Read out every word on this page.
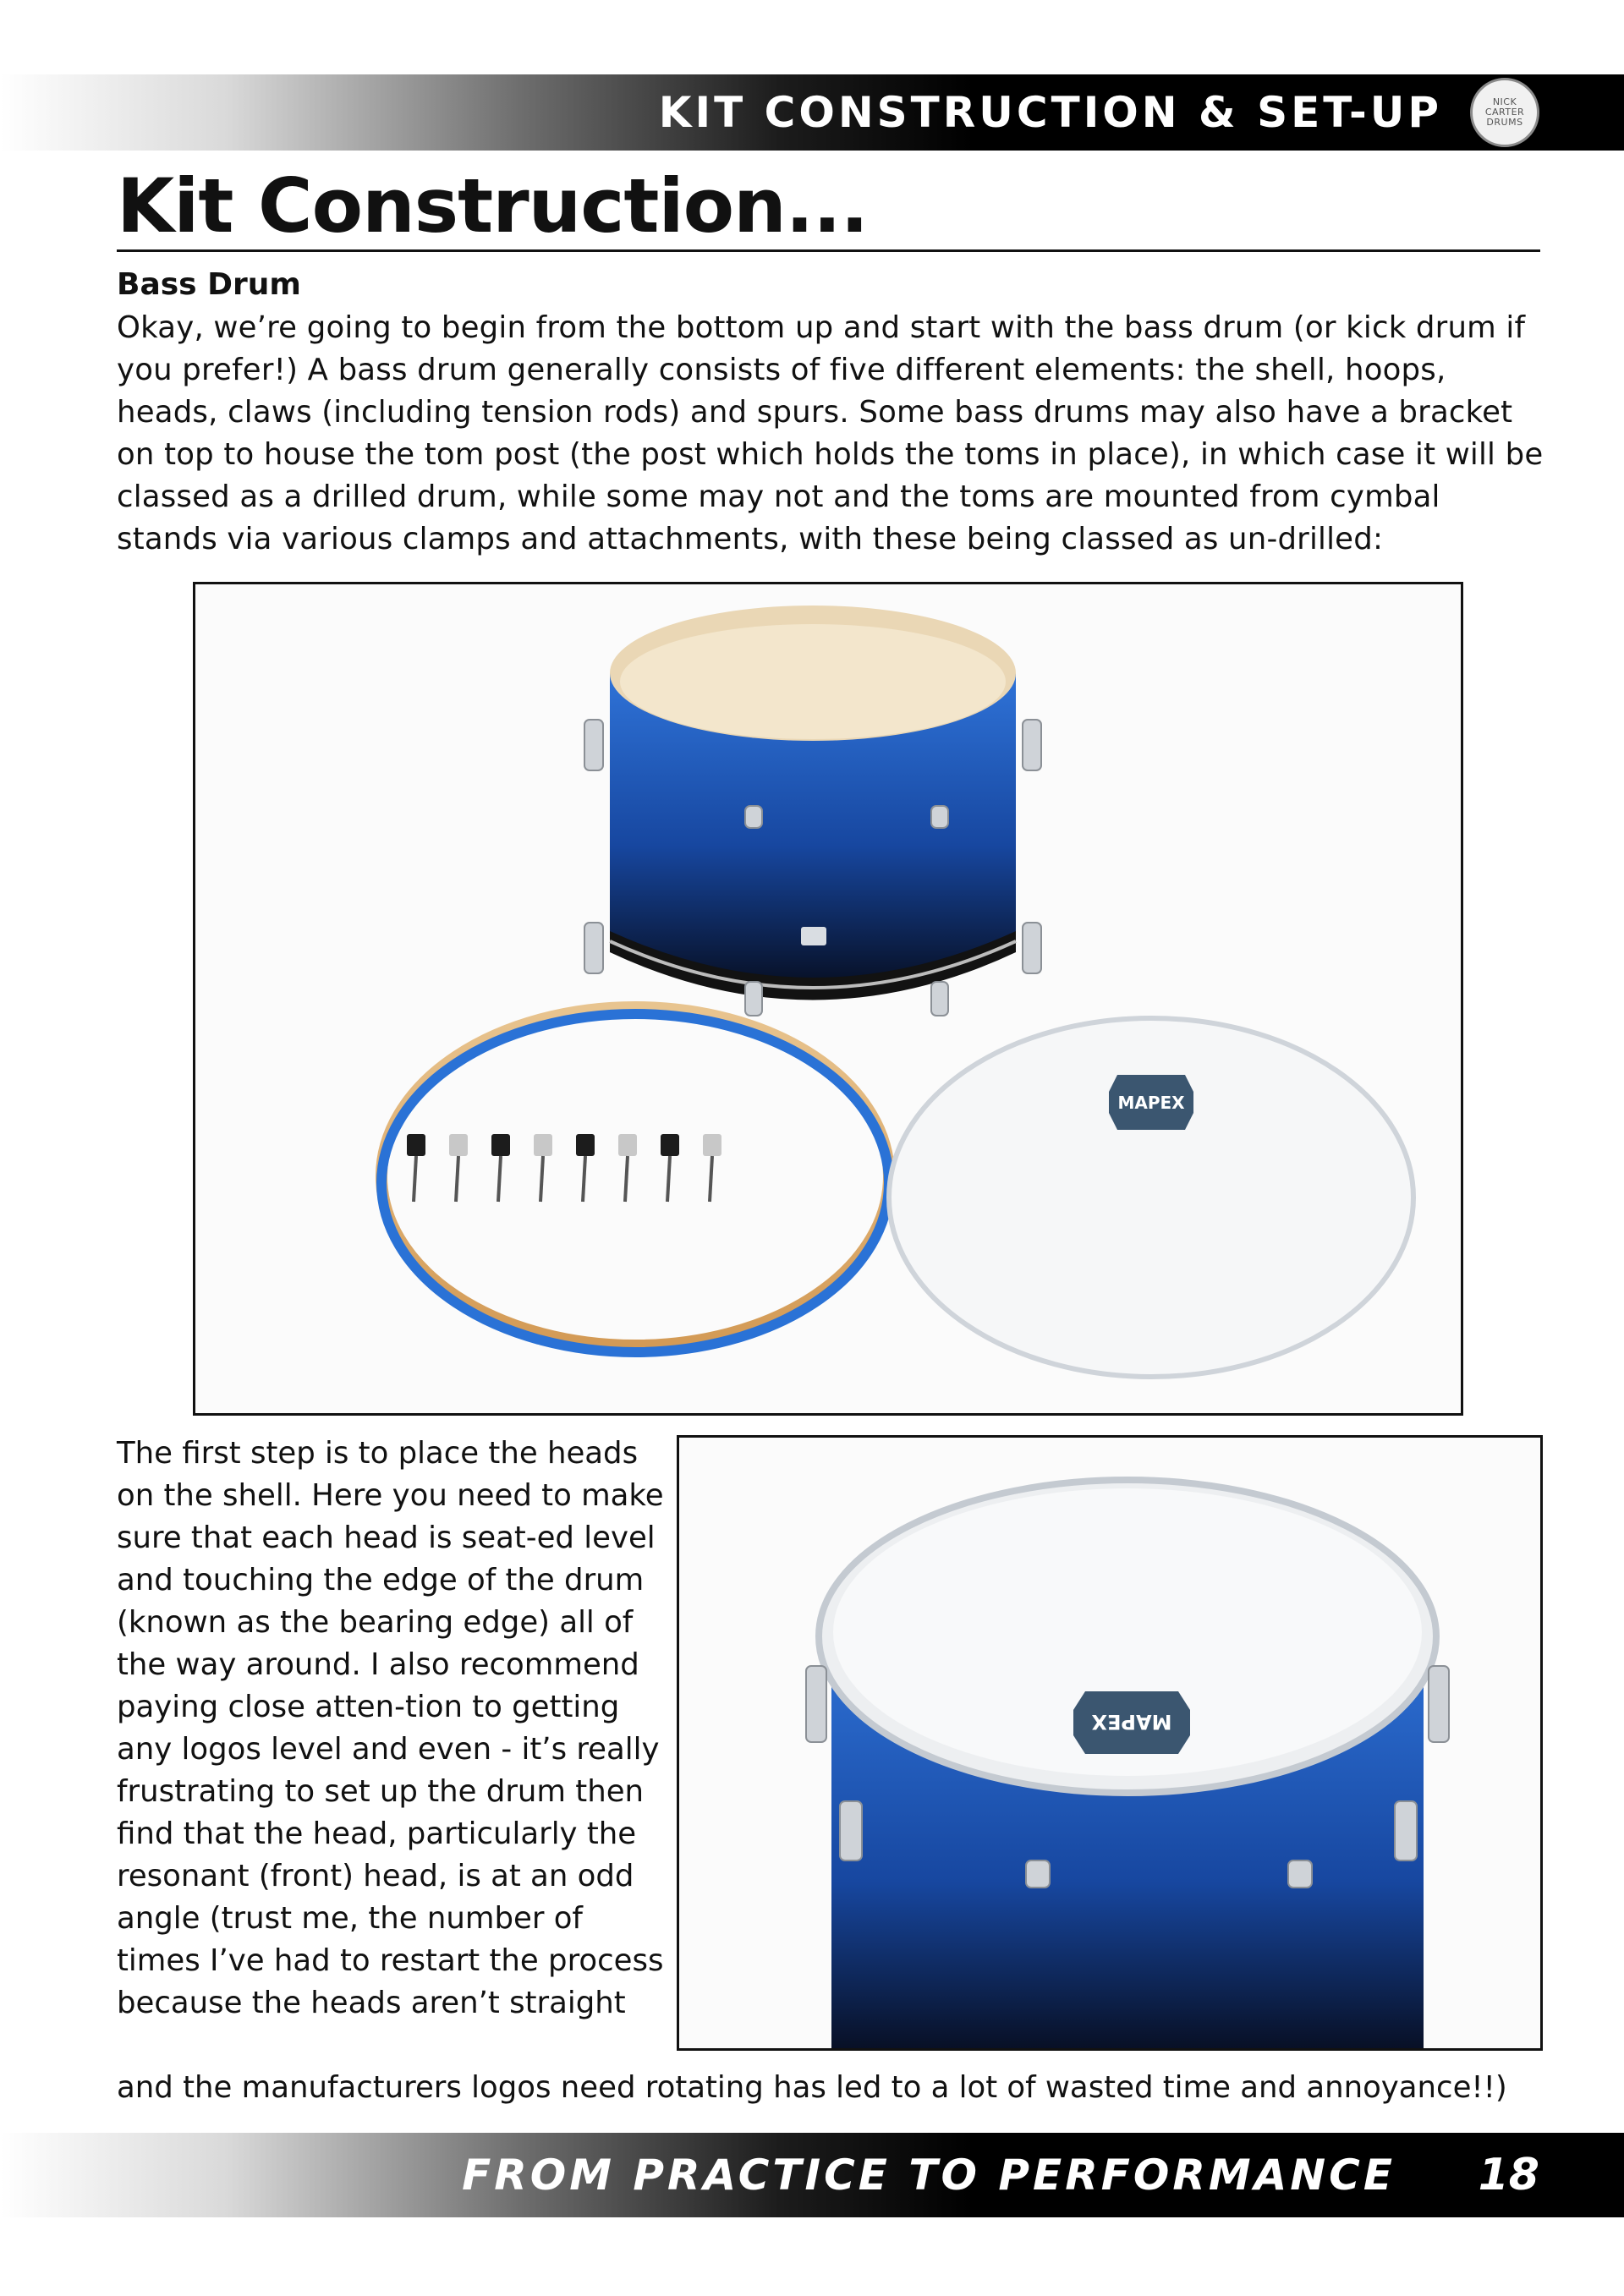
KIT CONSTRUCTION & SET-UP	NICK
CARTER
DRUMS
Kit Construction...
Bass Drum

Okay, we’re going to begin from the bottom up and start with the bass drum (or kick drum if you prefer!) A bass drum generally consists of five different elements: the shell, hoops, heads, claws (including tension rods) and spurs. Some bass drums may also have a bracket on top to house the tom post (the post which holds the toms in place), in which case it will be classed as a drilled drum, while some may not and the toms are mounted from cymbal stands via various clamps and attachments, with these being classed as un-drilled:

MAPEX

The first step is to place the heads on the shell. Here you need to make sure that each head is seat-ed level and touching the edge of the drum (known as the bearing edge) all of the way around. I also recommend paying close atten-tion to getting any logos level and even - it’s really frustrating to set up the drum then find that the head, particularly the resonant (front) head, is at an odd angle (trust me, the number of times I’ve had to restart the process because the heads aren’t straight

MAPEX

and the manufacturers logos need rotating has led to a lot of wasted time and annoyance!!)

FROM PRACTICE TO PERFORMANCE 18
